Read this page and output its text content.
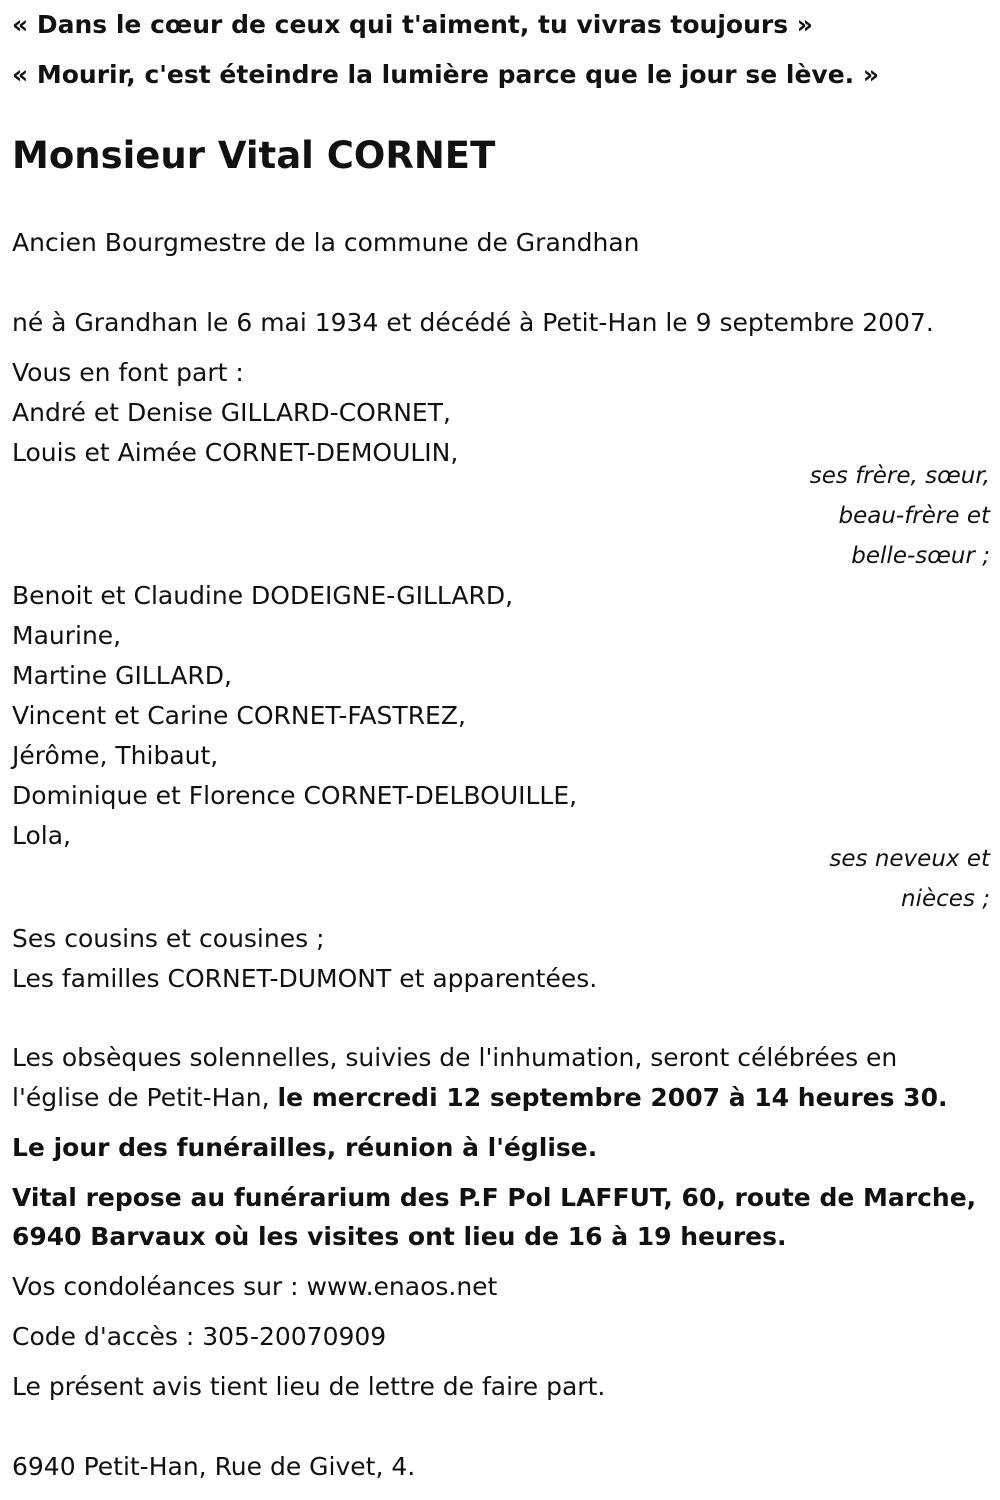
« Dans le cœur de ceux qui t'aiment, tu vivras toujours »
« Mourir, c'est éteindre la lumière parce que le jour se lève. »
Monsieur Vital CORNET
Ancien Bourgmestre de la commune de Grandhan
né à Grandhan le 6 mai 1934 et décédé à Petit-Han le 9 septembre 2007.
Vous en font part :
André et Denise GILLARD-CORNET,
Louis et Aimée CORNET-DEMOULIN,
ses frère, sœur,
beau-frère et
belle-sœur ;
Benoit et Claudine DODEIGNE-GILLARD,
Maurine,
Martine GILLARD,
Vincent et Carine CORNET-FASTREZ,
Jérôme, Thibaut,
Dominique et Florence CORNET-DELBOUILLE,
Lola,
ses neveux et
nièces ;
Ses cousins et cousines ;
Les familles CORNET-DUMONT et apparentées.
Les obsèques solennelles, suivies de l'inhumation, seront célébrées en
l'église de Petit-Han, le mercredi 12 septembre 2007 à 14 heures 30.
Le jour des funérailles, réunion à l'église.
Vital repose au funérarium des P.F Pol LAFFUT, 60, route de Marche,
6940 Barvaux où les visites ont lieu de 16 à 19 heures.
Vos condoléances sur : www.enaos.net
Code d'accès : 305-20070909
Le présent avis tient lieu de lettre de faire part.
6940 Petit-Han, Rue de Givet, 4.
